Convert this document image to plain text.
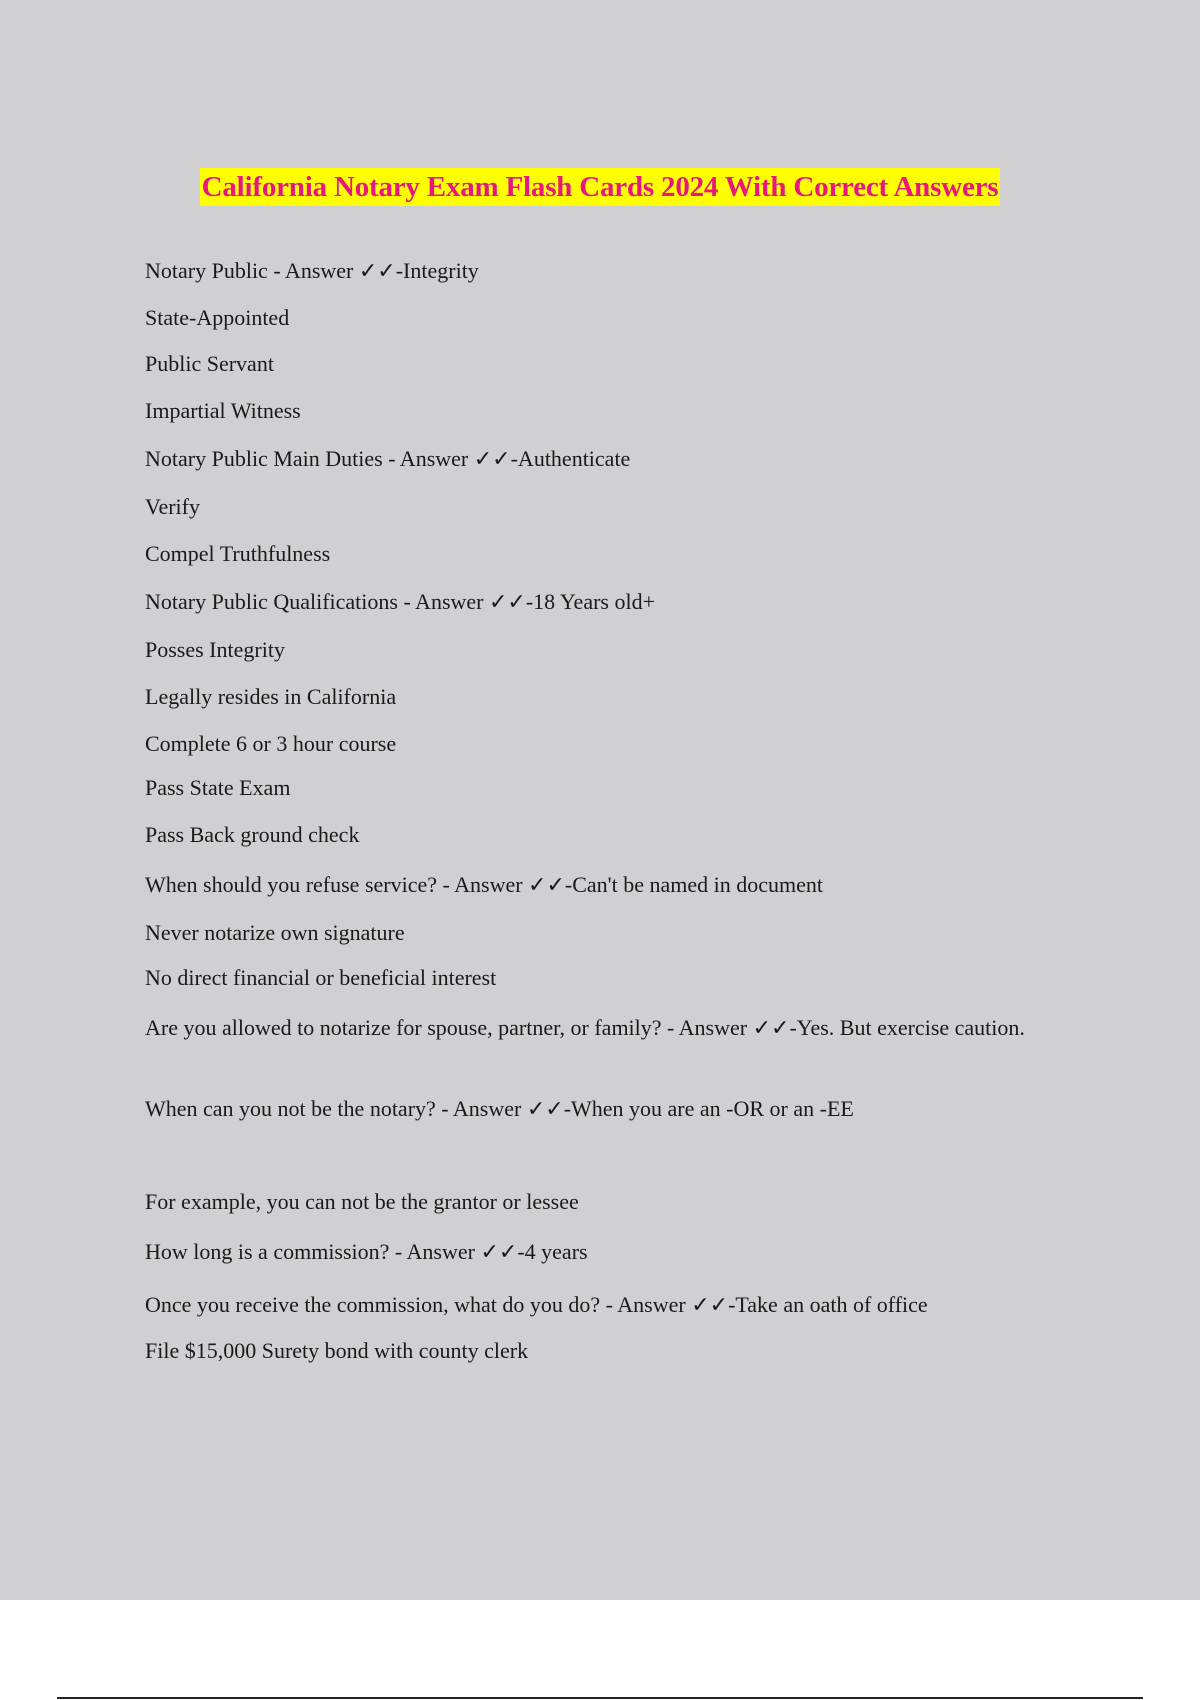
California Notary Exam Flash Cards 2024 With Correct Answers
Notary Public - Answer ✓✓-Integrity
State-Appointed
Public Servant
Impartial Witness
Notary Public Main Duties - Answer ✓✓-Authenticate
Verify
Compel Truthfulness
Notary Public Qualifications - Answer ✓✓-18 Years old+
Posses Integrity
Legally resides in California
Complete 6 or 3 hour course
Pass State Exam
Pass Back ground check
When should you refuse service? - Answer ✓✓-Can't be named in document
Never notarize own signature
No direct financial or beneficial interest
Are you allowed to notarize for spouse, partner, or family? - Answer ✓✓-Yes. But exercise caution.
When can you not be the notary? - Answer ✓✓-When you are an -OR or an -EE
For example, you can not be the grantor or lessee
How long is a commission? - Answer ✓✓-4 years
Once you receive the commission, what do you do? - Answer ✓✓-Take an oath of office
File $15,000 Surety bond with county clerk
